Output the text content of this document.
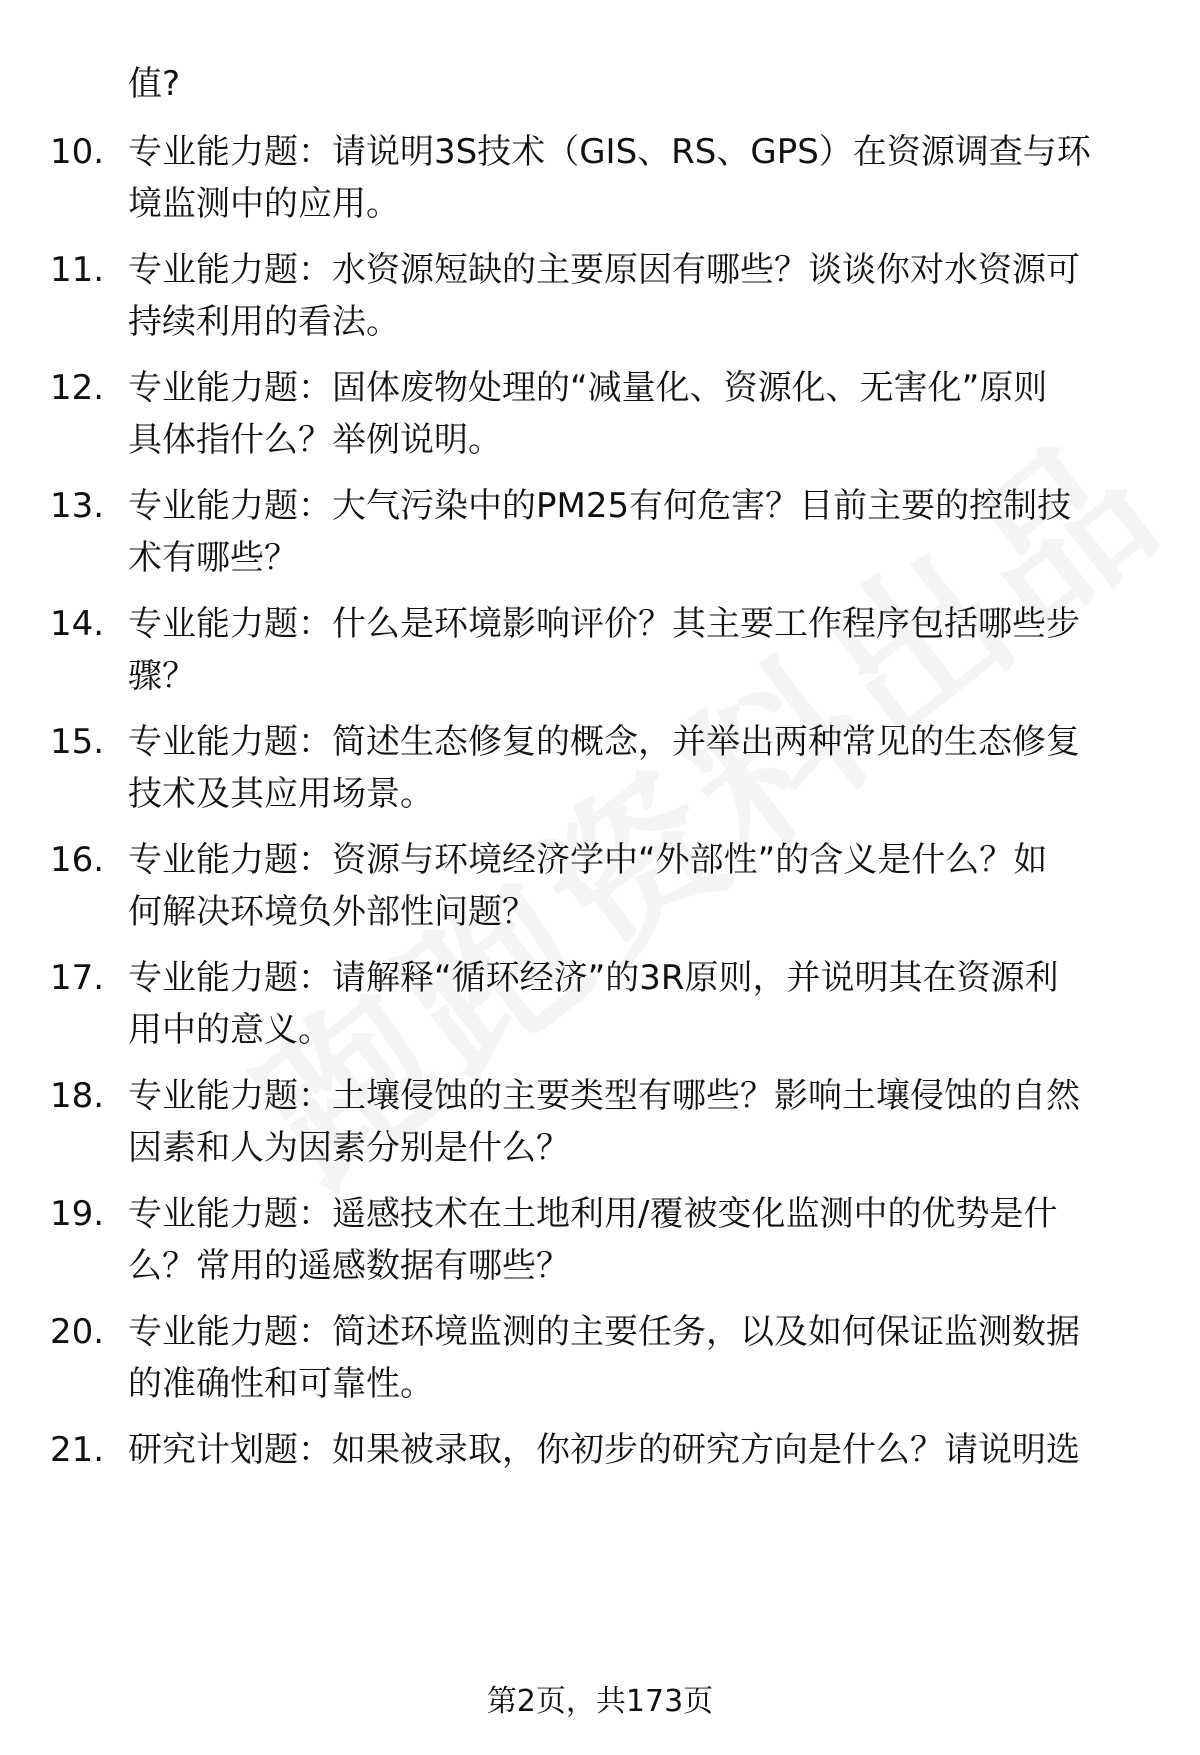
值?
10. 专业能力题：请说明3S技术（GIS、RS、GPS）在资源调查与环
境监测中的应用。
11. 专业能力题：水资源短缺的主要原因有哪些？谈谈你对水资源可
持续利用的看法。
12. 专业能力题：固体废物处理的“减量化、资源化、无害化”原则
具体指什么？举例说明。
13. 专业能力题：大气污染中的PM25有何危害？目前主要的控制技
术有哪些？
14. 专业能力题：什么是环境影响评价？其主要工作程序包括哪些步
骤？
15. 专业能力题：简述生态修复的概念，并举出两种常见的生态修复
技术及其应用场景。
16. 专业能力题：资源与环境经济学中“外部性”的含义是什么？如
何解决环境负外部性问题？
17. 专业能力题：请解释“循环经济”的3R原则，并说明其在资源利
用中的意义。
18. 专业能力题：土壤侵蚀的主要类型有哪些？影响土壤侵蚀的自然
因素和人为因素分别是什么？
19. 专业能力题：遥感技术在土地利用/覆被变化监测中的优势是什
么？常用的遥感数据有哪些？
20. 专业能力题：简述环境监测的主要任务，以及如何保证监测数据
的准确性和可靠性。
21. 研究计划题：如果被录取，你初步的研究方向是什么？请说明选
第2页，共173页
